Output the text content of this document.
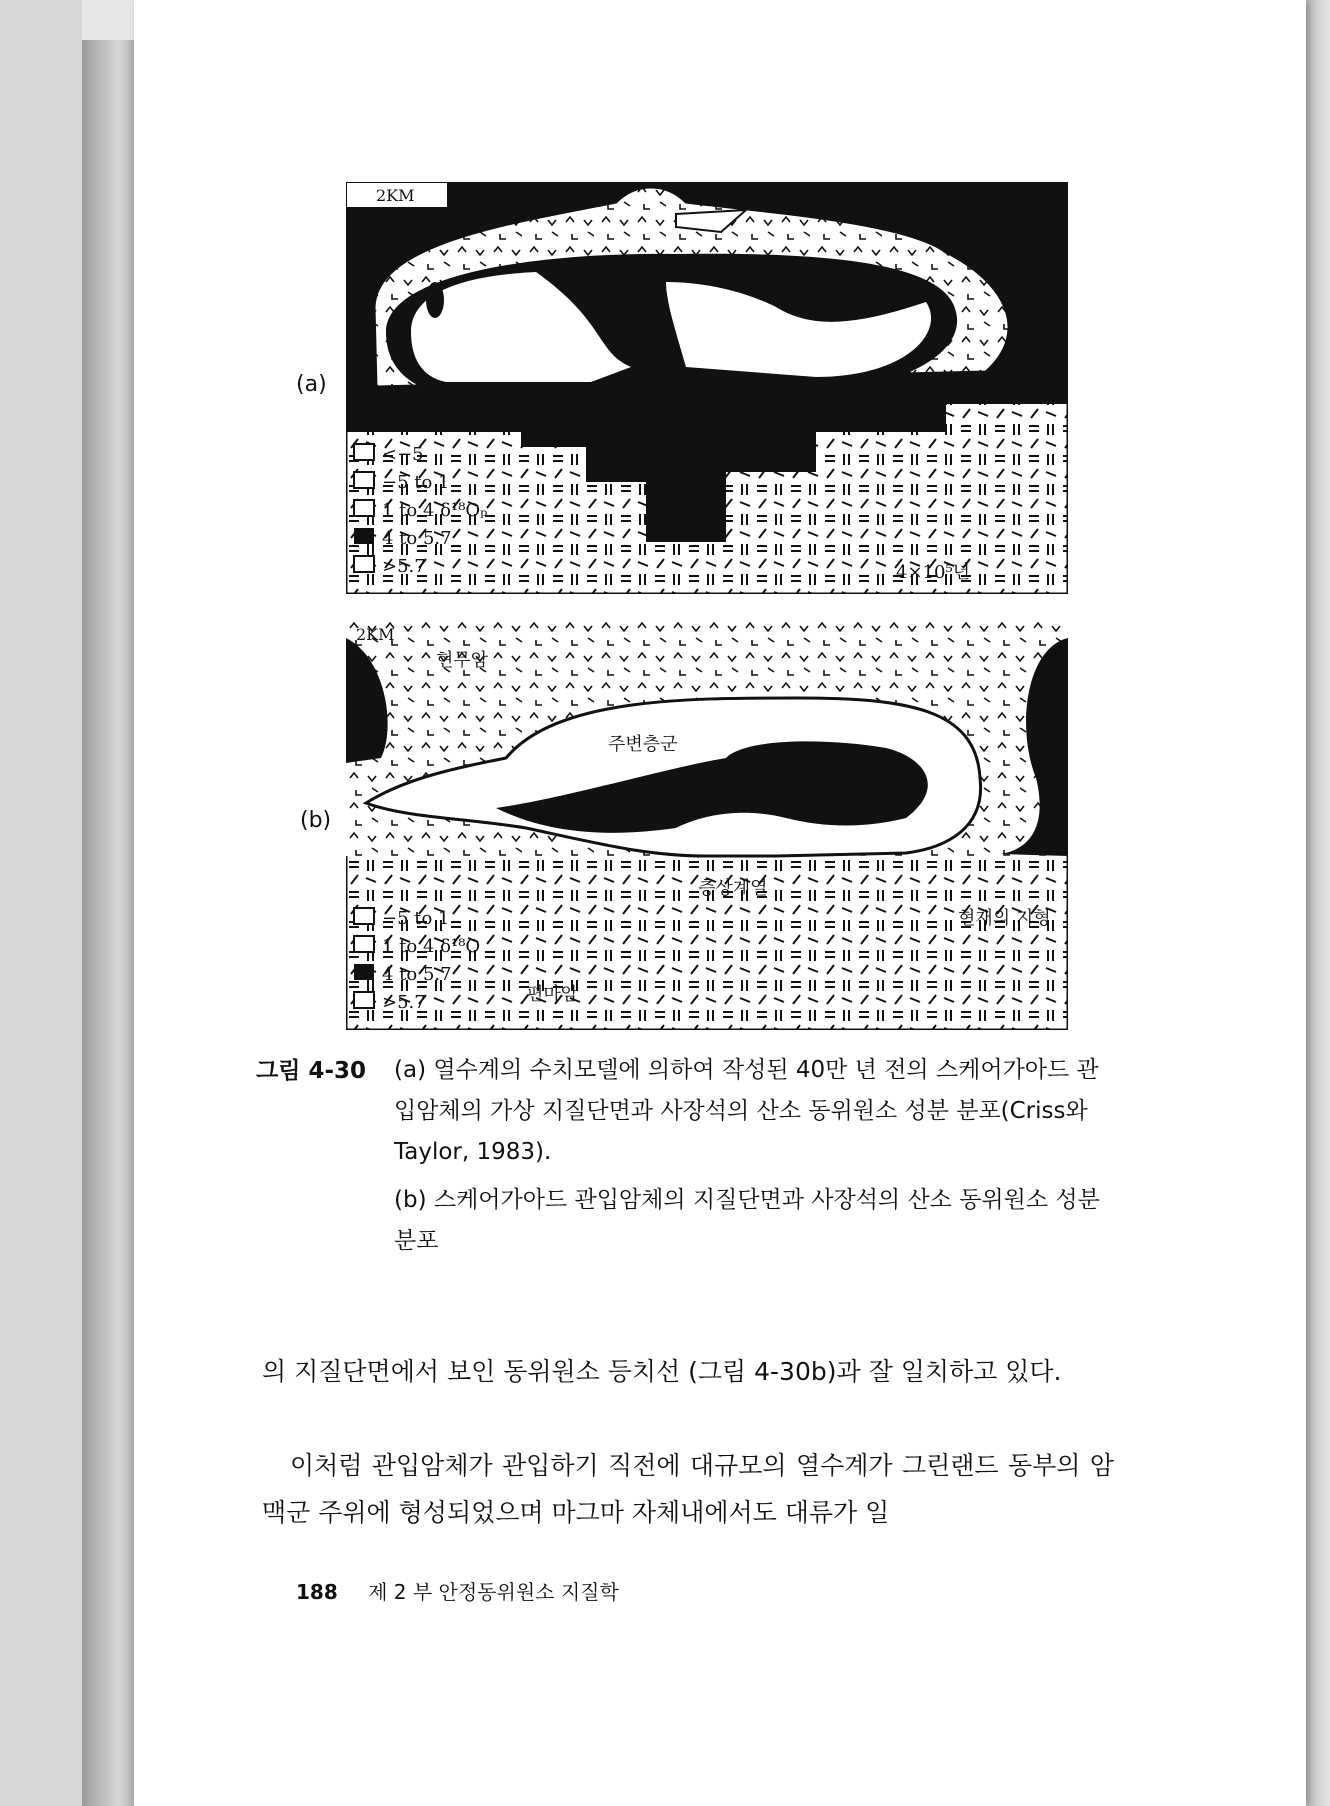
(a)
2KM
<−5
−5 to 1
1 to 4 δ¹⁸Oₚ
4 to 5.7
>5.7	4×10⁵년
(b)
2KM
현무암
주변층군
층상계열
현재의 지형
편마암
−5 to 1
1 to 4 δ¹⁸O
4 to 5.7
>5.7
그림 4-30 (a) 열수계의 수치모델에 의하여 작성된 40만 년 전의 스케어가아드 관입암체의 가상 지질단면과 사장석의 산소 동위원소 성분 분포(Criss와 Taylor, 1983).
(b) 스케어가아드 관입암체의 지질단면과 사장석의 산소 동위원소 성분 분포
의 지질단면에서 보인 동위원소 등치선 (그림 4-30b)과 잘 일치하고 있다.
이처럼 관입암체가 관입하기 직전에 대규모의 열수계가 그린랜드 동부의 암맥군 주위에 형성되었으며 마그마 자체내에서도 대류가 일
188 제 2 부 안정동위원소 지질학
